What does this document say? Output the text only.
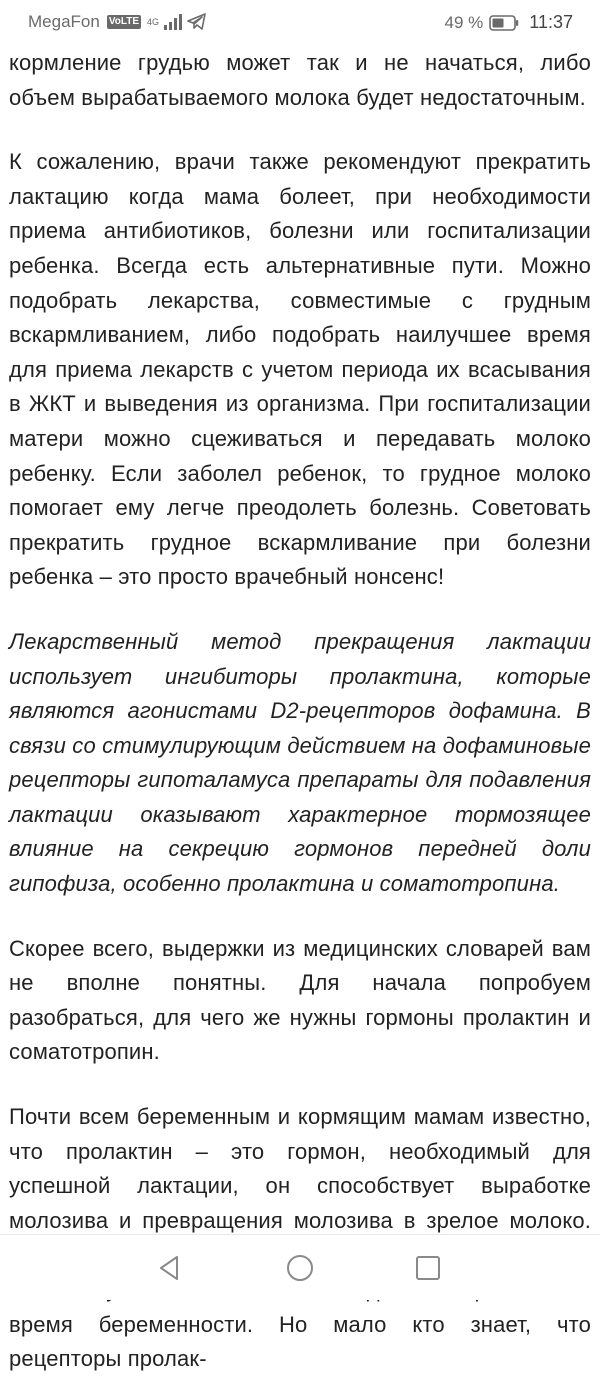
MegaFon VoLTE 4G	49 %	11:37

кормление грудью может так и не начаться, либо объем вырабатываемого молока будет недостаточным.

К сожалению, врачи также рекомендуют прекратить лактацию когда мама болеет, при необходимости приема антибиотиков, болезни или госпитализации ребенка. Всегда есть альтернативные пути. Можно подобрать лекарства, совместимые с грудным вскармливанием, либо подобрать наилучшее время для приема лекарств с учетом периода их всасывания в ЖКТ и выведения из организма. При госпитализации матери можно сцеживаться и передавать молоко ребенку. Если заболел ребенок, то грудное молоко помогает ему легче преодолеть болезнь. Советовать прекратить грудное вскармливание при болезни ребенка – это просто врачебный нонсенс!

Лекарственный метод прекращения лактации использует ингибиторы пролактина, которые являются агонистами D2-рецепторов дофамина. В связи со стимулирующим действием на дофаминовые рецепторы гипоталамуса препараты для подавления лактации оказывают характерное тормозящее влияние на секрецию гормонов передней доли гипофиза, особенно пролактина и соматотропина.

Скорее всего, выдержки из медицинских словарей вам не вполне понятны. Для начала попробуем разобраться, для чего же нужны гормоны пролактин и соматотропин.

Почти всем беременным и кормящим мамам известно, что пролактин – это гормон, необходимый для успешной лактации, он способствует выработке молозива и превращения молозива в зрелое молоко. время беременности. Но мало кто знает, что рецепторы пролак-
